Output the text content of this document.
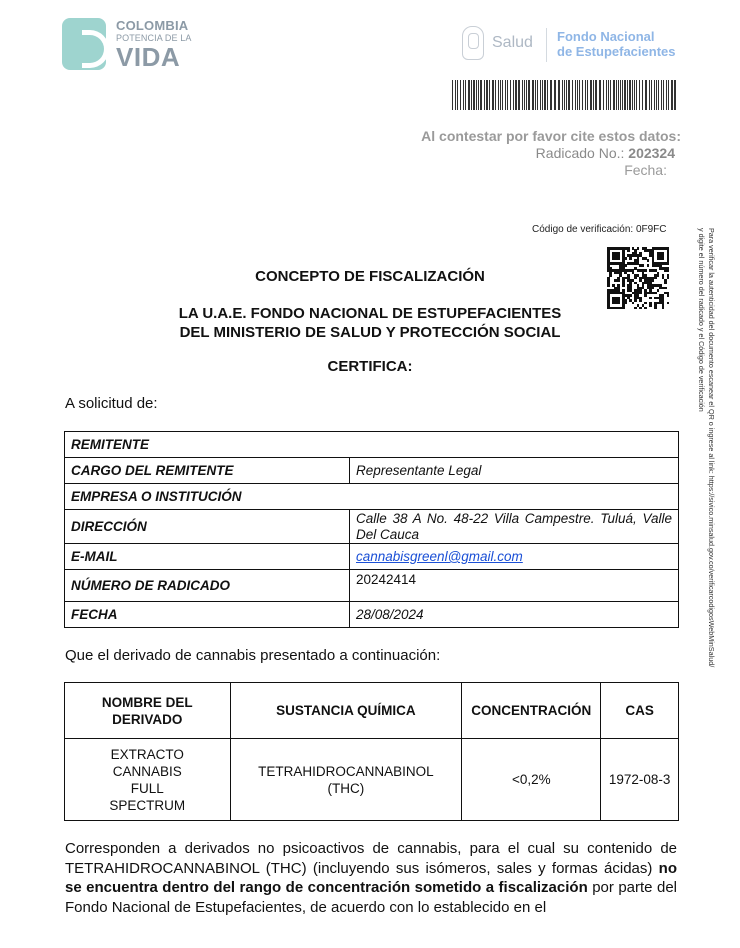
COLOMBIA
POTENCIA DE LA
VIDA	Salud Fondo Nacional
de Estupefacientes
Al contestar por favor cite estos datos:
Radicado No.: 202324
Fecha:
Código de verificación: 0F9FC	Para verificar la autenticidad del documento escanear el QR o ingrese al link: https://sivico.minsalud.gov.co/verificarcodigosWebMinSalud/
y digite el número del radicado y el Código de verificación
CONCEPTO DE FISCALIZACIÓN
LA U.A.E. FONDO NACIONAL DE ESTUPEFACIENTES
DEL MINISTERIO DE SALUD Y PROTECCIÓN SOCIAL
CERTIFICA:
A solicitud de:
REMITENTE	
CARGO DEL REMITENTE	Representante Legal
EMPRESA O INSTITUCIÓN	
DIRECCIÓN	Calle 38 A No. 48-22 Villa Campestre. Tuluá, Valle Del Cauca
E-MAIL	cannabisgreenl@gmail.com
NÚMERO DE RADICADO	20242414
FECHA	28/08/2024
Que el derivado de cannabis presentado a continuación:
NOMBRE DEL DERIVADO	SUSTANCIA QUÍMICA	CONCENTRACIÓN	CAS

EXTRACTO CANNABIS FULL SPECTRUM	TETRAHIDROCANNABINOL (THC)	<0,2%	1972-08-3
Corresponden a derivados no psicoactivos de cannabis, para el cual su contenido de TETRAHIDROCANNABINOL (THC) (incluyendo sus isómeros, sales y formas ácidas) no se encuentra dentro del rango de concentración sometido a fiscalización por parte del Fondo Nacional de Estupefacientes, de acuerdo con lo establecido en el
